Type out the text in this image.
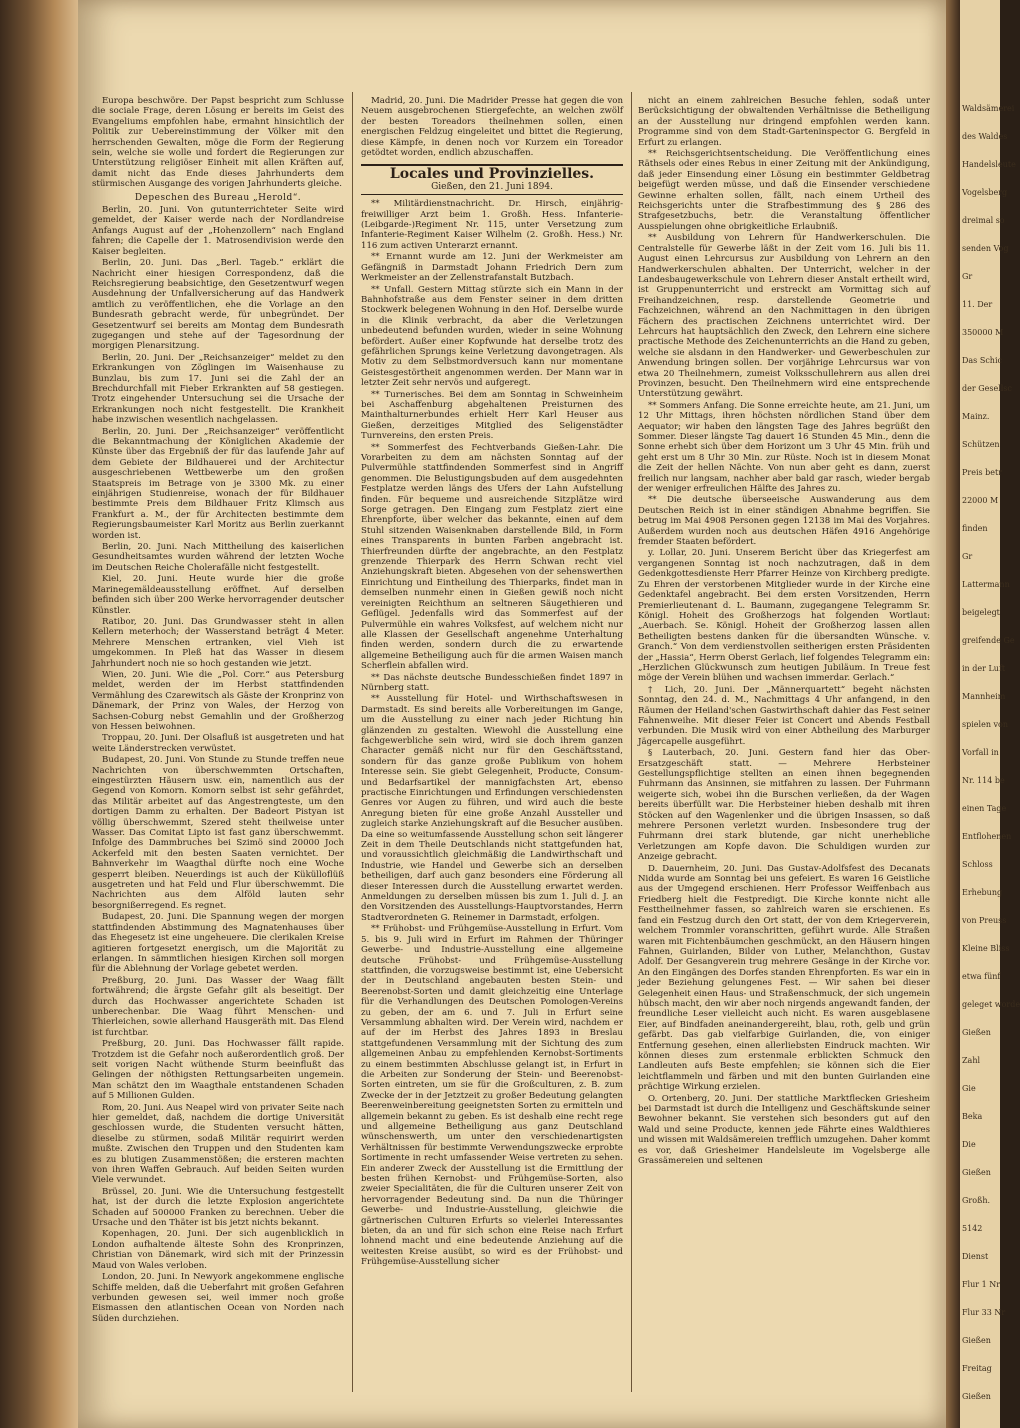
Europa beschwöre. Der Papst bespricht zum Schlusse die sociale Frage, deren Lösung er bereits im Geist des Evangeliums empfohlen habe, ermahnt hinsichtlich der Politik zur Uebereinstimmung der Völker mit den herrschenden Gewalten, möge die Form der Regierung sein, welche sie wolle und fordert die Regierungen zur Unterstützung religiöser Einheit mit allen Kräften auf, damit nicht das Ende dieses Jahrhunderts dem stürmischen Ausgange des vorigen Jahrhunderts gleiche.

Depeschen des Bureau „Herold“.

Berlin, 20. Juni. Von gutunterrichteter Seite wird gemeldet, der Kaiser werde nach der Nordlandreise Anfangs August auf der „Hohenzollern“ nach England fahren; die Capelle der 1. Matrosendivision werde den Kaiser begleiten.

Berlin, 20. Juni. Das „Berl. Tageb.“ erklärt die Nachricht einer hiesigen Correspondenz, daß die Reichsregierung beabsichtige, den Gesetzentwurf wegen Ausdehnung der Unfallversicherung auf das Handwerk amtlich zu veröffentlichen, ehe die Vorlage an den Bundesrath gebracht werde, für unbegründet. Der Gesetzentwurf sei bereits am Montag dem Bundesrath zugegangen und stehe auf der Tagesordnung der morgigen Plenarsitzung.

Berlin, 20. Juni. Der „Reichsanzeiger“ meldet zu den Erkrankungen von Zöglingen im Waisenhause zu Bunzlau, bis zum 17. Juni sei die Zahl der an Brechdurchfall mit Fieber Erkrankten auf 58 gestiegen. Trotz eingehender Untersuchung sei die Ursache der Erkrankungen noch nicht festgestellt. Die Krankheit habe inzwischen wesentlich nachgelassen.

Berlin, 20. Juni. Der „Reichsanzeiger“ veröffentlicht die Bekanntmachung der Königlichen Akademie der Künste über das Ergebniß der für das laufende Jahr auf dem Gebiete der Bildhauerei und der Architectur ausgeschriebenen Wettbewerbe um den großen Staatspreis im Betrage von je 3300 Mk. zu einer einjährigen Studienreise, wonach der für Bildhauer bestimmte Preis dem Bildhauer Fritz Klimsch aus Frankfurt a. M., der für Architecten bestimmte dem Regierungsbaumeister Karl Moritz aus Berlin zuerkannt worden ist.

Berlin, 20. Juni. Nach Mittheilung des kaiserlichen Gesundheitsamtes wurden während der letzten Woche im Deutschen Reiche Cholerafälle nicht festgestellt.

Kiel, 20. Juni. Heute wurde hier die große Marinegemäldeausstellung eröffnet. Auf derselben befinden sich über 200 Werke hervorragender deutscher Künstler.

Ratibor, 20. Juni. Das Grundwasser steht in allen Kellern meterhoch; der Wasserstand beträgt 4 Meter. Mehrere Menschen ertranken, viel Vieh ist umgekommen. In Pleß hat das Wasser in diesem Jahrhundert noch nie so hoch gestanden wie jetzt.

Wien, 20. Juni. Wie die „Pol. Corr.“ aus Petersburg meldet, werden der im Herbst stattfindenden Vermählung des Czarewitsch als Gäste der Kronprinz von Dänemark, der Prinz von Wales, der Herzog von Sachsen-Coburg nebst Gemahlin und der Großherzog von Hessen beiwohnen.

Troppau, 20. Juni. Der Olsafluß ist ausgetreten und hat weite Länderstrecken verwüstet.

Budapest, 20. Juni. Von Stunde zu Stunde treffen neue Nachrichten von überschwemmten Ortschaften, eingestürzten Häusern usw. ein, namentlich aus der Gegend von Komorn. Komorn selbst ist sehr gefährdet, das Militär arbeitet auf das Angestrengteste, um den dortigen Damm zu erhalten. Der Badeort Pistyan ist völlig überschwemmt, Szered steht theilweise unter Wasser. Das Comitat Lipto ist fast ganz überschwemmt. Infolge des Dammbruches bei Szimö sind 20000 Joch Ackerfeld mit den besten Saaten vernichtet. Der Bahnverkehr im Waagthal dürfte noch eine Woche gesperrt bleiben. Neuerdings ist auch der Kükülloflüß ausgetreten und hat Feld und Flur überschwemmt. Die Nachrichten aus dem Alföld lauten sehr besorgnißerregend. Es regnet.

Budapest, 20. Juni. Die Spannung wegen der morgen stattfindenden Abstimmung des Magnatenhauses über das Ehegesetz ist eine ungeheuere. Die clerikalen Kreise agitieren fortgesetzt energisch, um die Majorität zu erlangen. In sämmtlichen hiesigen Kirchen soll morgen für die Ablehnung der Vorlage gebetet werden.

Preßburg, 20. Juni. Das Wasser der Waag fällt fortwährend; die ärgste Gefahr gilt als beseitigt. Der durch das Hochwasser angerichtete Schaden ist unberechenbar. Die Waag führt Menschen- und Thierleichen, sowie allerhand Hausgeräth mit. Das Elend ist furchtbar.

Preßburg, 20. Juni. Das Hochwasser fällt rapide. Trotzdem ist die Gefahr noch außerordentlich groß. Der seit vorigen Nacht wüthende Sturm beeinflußt das Gelingen der nöthigsten Rettungsarbeiten ungemein. Man schätzt den im Waagthale entstandenen Schaden auf 5 Millionen Gulden.

Rom, 20. Juni. Aus Neapel wird von privater Seite nach hier gemeldet, daß, nachdem die dortige Universität geschlossen wurde, die Studenten versucht hätten, dieselbe zu stürmen, sodaß Militär requirirt werden mußte. Zwischen den Truppen und den Studenten kam es zu blutigen Zusammenstößen; die ersteren machten von ihren Waffen Gebrauch. Auf beiden Seiten wurden Viele verwundet.

Brüssel, 20. Juni. Wie die Untersuchung festgestellt hat, ist der durch die letzte Explosion angerichtete Schaden auf 500000 Franken zu berechnen. Ueber die Ursache und den Thäter ist bis jetzt nichts bekannt.

Kopenhagen, 20. Juni. Der sich augenblicklich in London aufhaltende älteste Sohn des Kronprinzen, Christian von Dänemark, wird sich mit der Prinzessin Maud von Wales verloben.

London, 20. Juni. In Newyork angekommene englische Schiffe melden, daß die Ueberfahrt mit großen Gefahren verbunden gewesen sei, weil immer noch große Eismassen den atlantischen Ocean von Norden nach Süden durchziehen.

Madrid, 20. Juni. Die Madrider Presse hat gegen die von Neuem ausgebrochenen Stiergefechte, an welchen zwölf der besten Toreadors theilnehmen sollen, einen energischen Feldzug eingeleitet und bittet die Regierung, diese Kämpfe, in denen noch vor Kurzem ein Toreador getödtet worden, endlich abzuschaffen.

Locales und Provinzielles.
Gießen, den 21. Juni 1894.

** Militärdienstnachricht. Dr. Hirsch, einjährig-freiwilliger Arzt beim 1. Großh. Hess. Infanterie-(Leibgarde-)Regiment Nr. 115, unter Versetzung zum Infanterie-Regiment Kaiser Wilhelm (2. Großh. Hess.) Nr. 116 zum activen Unterarzt ernannt.

** Ernannt wurde am 12. Juni der Werkmeister am Gefängniß in Darmstadt Johann Friedrich Dern zum Werkmeister an der Zellenstrafanstalt Butzbach.

** Unfall. Gestern Mittag stürzte sich ein Mann in der Bahnhofstraße aus dem Fenster seiner in dem dritten Stockwerk belegenen Wohnung in den Hof. Derselbe wurde in die Klinik verbracht, da aber die Verletzungen unbedeutend befunden wurden, wieder in seine Wohnung befördert. Außer einer Kopfwunde hat derselbe trotz des gefährlichen Sprungs keine Verletzung davongetragen. Als Motiv zu dem Selbstmordversuch kann nur momentane Geistesgestörtheit angenommen werden. Der Mann war in letzter Zeit sehr nervös und aufgeregt.

** Turnerisches. Bei dem am Sonntag in Schweinheim bei Aschaffenburg abgehaltenen Preisturnen des Mainthalturnerbundes erhielt Herr Karl Heuser aus Gießen, derzeitiges Mitglied des Seligenstädter Turnvereins, den ersten Preis.

** Sommerfest des Fechtverbands Gießen-Lahr. Die Vorarbeiten zu dem am nächsten Sonntag auf der Pulvermühle stattfindenden Sommerfest sind in Angriff genommen. Die Belustigungsbuden auf dem ausgedehnten Festplatze werden längs des Ufers der Lahn Aufstellung finden. Für bequeme und ausreichende Sitzplätze wird Sorge getragen. Den Eingang zum Festplatz ziert eine Ehrenpforte, über welcher das bekannte, einen auf dem Stuhl sitzenden Waisenknaben darstellende Bild, in Form eines Transparents in bunten Farben angebracht ist. Thierfreunden dürfte der angebrachte, an den Festplatz grenzende Thierpark des Herrn Schwan recht viel Anziehungskraft bieten. Abgesehen von der sehenswerthen Einrichtung und Eintheilung des Thierparks, findet man in demselben nunmehr einen in Gießen gewiß noch nicht vereinigten Reichthum an seltneren Säugethieren und Geflügel. Jedenfalls wird das Sommerfest auf der Pulvermühle ein wahres Volksfest, auf welchem nicht nur alle Klassen der Gesellschaft angenehme Unterhaltung finden werden, sondern durch die zu erwartende allgemeine Betheiligung auch für die armen Waisen manch Scherflein abfallen wird.

** Das nächste deutsche Bundesschießen findet 1897 in Nürnberg statt.

** Ausstellung für Hotel- und Wirthschaftswesen in Darmstadt. Es sind bereits alle Vorbereitungen im Gange, um die Ausstellung zu einer nach jeder Richtung hin glänzenden zu gestalten. Wiewohl die Ausstellung eine fachgewerbliche sein wird, wird sie doch ihrem ganzen Character gemäß nicht nur für den Geschäftsstand, sondern für das ganze große Publikum von hohem Interesse sein. Sie giebt Gelegenheit, Producte, Consum- und Bedarfsartikel der mannigfachsten Art, ebenso practische Einrichtungen und Erfindungen verschiedensten Genres vor Augen zu führen, und wird auch die beste Anregung bieten für eine große Anzahl Aussteller und zugleich starke Anziehungskraft auf die Besucher ausüben. Da eine so weitumfassende Ausstellung schon seit längerer Zeit in dem Theile Deutschlands nicht stattgefunden hat, und voraussichtlich gleichmäßig die Landwirthschaft und Industrie, wie Handel und Gewerbe sich an derselben betheiligen, darf auch ganz besonders eine Förderung all dieser Interessen durch die Ausstellung erwartet werden. Anmeldungen zu derselben müssen bis zum 1. Juli d. J. an den Vorsitzenden des Ausstellungs-Hauptvorstandes, Herrn Stadtverordneten G. Reinemer in Darmstadt, erfolgen.

** Frühobst- und Frühgemüse-Ausstellung in Erfurt. Vom 5. bis 9. Juli wird in Erfurt im Rahmen der Thüringer Gewerbe- und Industrie-Ausstellung eine allgemeine deutsche Frühobst- und Frühgemüse-Ausstellung stattfinden, die vorzugsweise bestimmt ist, eine Uebersicht der in Deutschland angebauten besten Stein- und Beerenobst-Sorten und damit gleichzeitig eine Unterlage für die Verhandlungen des Deutschen Pomologen-Vereins zu geben, der am 6. und 7. Juli in Erfurt seine Versammlung abhalten wird. Der Verein wird, nachdem er auf der im Herbst des Jahres 1893 in Breslau stattgefundenen Versammlung mit der Sichtung des zum allgemeinen Anbau zu empfehlenden Kernobst-Sortiments zu einem bestimmten Abschlusse gelangt ist, in Erfurt in die Arbeiten zur Sonderung der Stein- und Beerenobst-Sorten eintreten, um sie für die Großculturen, z. B. zum Zwecke der in der Jetztzeit zu großer Bedeutung gelangten Beerenweinbereitung geeignetsten Sorten zu ermitteln und allgemein bekannt zu geben. Es ist deshalb eine recht rege und allgemeine Betheiligung aus ganz Deutschland wünschenswerth, um unter den verschiedenartigsten Verhältnissen für bestimmte Verwendungszwecke erprobte Sortimente in recht umfassender Weise vertreten zu sehen. Ein anderer Zweck der Ausstellung ist die Ermittlung der besten frühen Kernobst- und Frühgemüse-Sorten, also zweier Specialitäten, die für die Culturen unserer Zeit von hervorragender Bedeutung sind. Da nun die Thüringer Gewerbe- und Industrie-Ausstellung, gleichwie die gärtnerischen Culturen Erfurts so vielerlei Interessantes bieten, da an und für sich schon eine Reise nach Erfurt lohnend macht und eine bedeutende Anziehung auf die weitesten Kreise ausübt, so wird es der Frühobst- und Frühgemüse-Ausstellung sicher

nicht an einem zahlreichen Besuche fehlen, sodaß unter Berücksichtigung der obwaltenden Verhältnisse die Betheiligung an der Ausstellung nur dringend empfohlen werden kann. Programme sind von dem Stadt-Garteninspector G. Bergfeld in Erfurt zu erlangen.

** Reichsgerichtsentscheidung. Die Veröffentlichung eines Räthsels oder eines Rebus in einer Zeitung mit der Ankündigung, daß jeder Einsendung einer Lösung ein bestimmter Geldbetrag beigefügt werden müsse, und daß die Einsender verschiedene Gewinne erhalten sollen, fällt, nach einem Urtheil des Reichsgerichts unter die Strafbestimmung des § 286 des Strafgesetzbuchs, betr. die Veranstaltung öffentlicher Ausspielungen ohne obrigkeitliche Erlaubniß.

** Ausbildung von Lehrern für Handwerkerschulen. Die Centralstelle für Gewerbe läßt in der Zeit vom 16. Juli bis 11. August einen Lehrcursus zur Ausbildung von Lehrern an den Handwerkerschulen abhalten. Der Unterricht, welcher in der Landesbaugewerkschule von Lehrern dieser Anstalt ertheilt wird, ist Gruppenunterricht und erstreckt am Vormittag sich auf Freihandzeichnen, resp. darstellende Geometrie und Fachzeichnen, während an den Nachmittagen in den übrigen Fächern des practischen Zeichnens unterrichtet wird. Der Lehrcurs hat hauptsächlich den Zweck, den Lehrern eine sichere practische Methode des Zeichenunterrichts an die Hand zu geben, welche sie alsdann in den Handwerker- und Gewerbeschulen zur Anwendung bringen sollen. Der vorjährige Lehrcursus war von etwa 20 Theilnehmern, zumeist Volksschullehrern aus allen drei Provinzen, besucht. Den Theilnehmern wird eine entsprechende Unterstützung gewährt.

** Sommers Anfang. Die Sonne erreichte heute, am 21. Juni, um 12 Uhr Mittags, ihren höchsten nördlichen Stand über dem Aequator; wir haben den längsten Tage des Jahres begrüßt den Sommer. Dieser längste Tag dauert 16 Stunden 45 Min., denn die Sonne erhebt sich über dem Horizont um 3 Uhr 45 Min. früh und geht erst um 8 Uhr 30 Min. zur Rüste. Noch ist in diesem Monat die Zeit der hellen Nächte. Von nun aber geht es dann, zuerst freilich nur langsam, nachher aber bald gar rasch, wieder bergab der weniger erfreulichen Hälfte des Jahres zu.

** Die deutsche überseeische Auswanderung aus dem Deutschen Reich ist in einer ständigen Abnahme begriffen. Sie betrug im Mai 4908 Personen gegen 12138 im Mai des Vorjahres. Außerdem wurden noch aus deutschen Häfen 4916 Angehörige fremder Staaten befördert.

y. Lollar, 20. Juni. Unserem Bericht über das Kriegerfest am vergangenen Sonntag ist noch nachzutragen, daß in dem Gedenkgottesdienste Herr Pfarrer Heinze von Kirchberg predigte. Zu Ehren der verstorbenen Mitglieder wurde in der Kirche eine Gedenktafel angebracht. Bei dem ersten Vorsitzenden, Herrn Premierlieutenant d. L. Baumann, zugegangene Telegramm Sr. Königl. Hoheit des Großherzogs hat folgenden Wortlaut: „Auerbach. Se. Königl. Hoheit der Großherzog lassen allen Betheiligten bestens danken für die übersandten Wünsche. v. Granch.“ Von dem verdienstvollen seitherigen ersten Präsidenten der „Hassia“, Herrn Oberst Gerlach, lief folgendes Telegramm ein: „Herzlichen Glückwunsch zum heutigen Jubiläum. In Treue fest möge der Verein blühen und wachsen immerdar. Gerlach.“

† Lich, 20. Juni. Der „Männerquartett“ begeht nächsten Sonntag, den 24. d. M., Nachmittags 4 Uhr anfangend, in den Räumen der Heiland'schen Gastwirthschaft dahier das Fest seiner Fahnenweihe. Mit dieser Feier ist Concert und Abends Festball verbunden. Die Musik wird von einer Abtheilung des Marburger Jägercapelle ausgeführt.

§ Lauterbach, 20. Juni. Gestern fand hier das Ober-Ersatzgeschäft statt. — Mehrere Herbsteiner Gestellungspflichtige stellten an einen ihnen begegnenden Fuhrmann das Ansinnen, sie mitfahren zu lassen. Der Fuhrmann weigerte sich, wobei ihn die Burschen verließen, da der Wagen bereits überfüllt war. Die Herbsteiner hieben deshalb mit ihren Stöcken auf den Wagenlenker und die übrigen Insassen, so daß mehrere Personen verletzt wurden. Insbesondere trug der Fuhrmann drei stark blutende, gar nicht unerhebliche Verletzungen am Kopfe davon. Die Schuldigen wurden zur Anzeige gebracht.

D. Dauernheim, 20. Juni. Das Gustav-Adolfsfest des Decanats Nidda wurde am Sonntag bei uns gefeiert. Es waren 16 Geistliche aus der Umgegend erschienen. Herr Professor Weiffenbach aus Friedberg hielt die Festpredigt. Die Kirche konnte nicht alle Festtheilnehmer fassen, so zahlreich waren sie erschienen. Es fand ein Festzug durch den Ort statt, der von dem Kriegerverein, welchem Trommler voranschritten, geführt wurde. Alle Straßen waren mit Fichtenbäumchen geschmückt, an den Häusern hingen Fahnen, Guirlanden, Bilder von Luther, Melanchthon, Gustav Adolf. Der Gesangverein trug mehrere Gesänge in der Kirche vor. An den Eingängen des Dorfes standen Ehrenpforten. Es war ein in jeder Beziehung gelungenes Fest. — Wir sahen bei dieser Gelegenheit einen Haus- und Straßenschmuck, der sich ungemein hübsch macht, den wir aber noch nirgends angewandt fanden, der freundliche Leser vielleicht auch nicht. Es waren ausgeblasene Eier, auf Bindfaden aneinandergereiht, blau, roth, gelb und grün gefärbt. Das gab vielfarbige Guirlanden, die, von einiger Entfernung gesehen, einen allerliebsten Eindruck machten. Wir können dieses zum erstenmale erblickten Schmuck den Landleuten aufs Beste empfehlen; sie können sich die Eier leichtflammeln und färben und mit den bunten Guirlanden eine prächtige Wirkung erzielen.

O. Ortenberg, 20. Juni. Der stattliche Marktflecken Griesheim bei Darmstadt ist durch die Intelligenz und Geschäftskunde seiner Bewohner bekannt. Sie verstehen sich besonders gut auf den Wald und seine Producte, kennen jede Fährte eines Waldthieres und wissen mit Waldsämereien trefflich umzugehen. Daher kommt es vor, daß Griesheimer Handelsleute im Vogelsberge alle Grassämereien und seltenen

Waldsämerei
des Waldes
Handelsleute
Vogelsberg
dreimal so
senden Vog
Gr
11. Der
350000 M
Das Schic
der Gesellsc
Mainz.
Schützen
Preis betr
22000 M
finden
Gr
Lattermann
beigelegt
greifende Ge
in der Luft
Mannheim
spielen von
Vorfall in
Nr. 114 be
einen Tage
Entflohenen
Schloss
Erhebung
von Preuss
Kleine Bliss
etwa fünf
geleget worde
Gießen
Zahl
Gie
Beka
Die
Gießen
Großh.
5142
Dienst
Flur 1 Nr
Flur 33 Nr
Gießen
Freitag
Gießen
